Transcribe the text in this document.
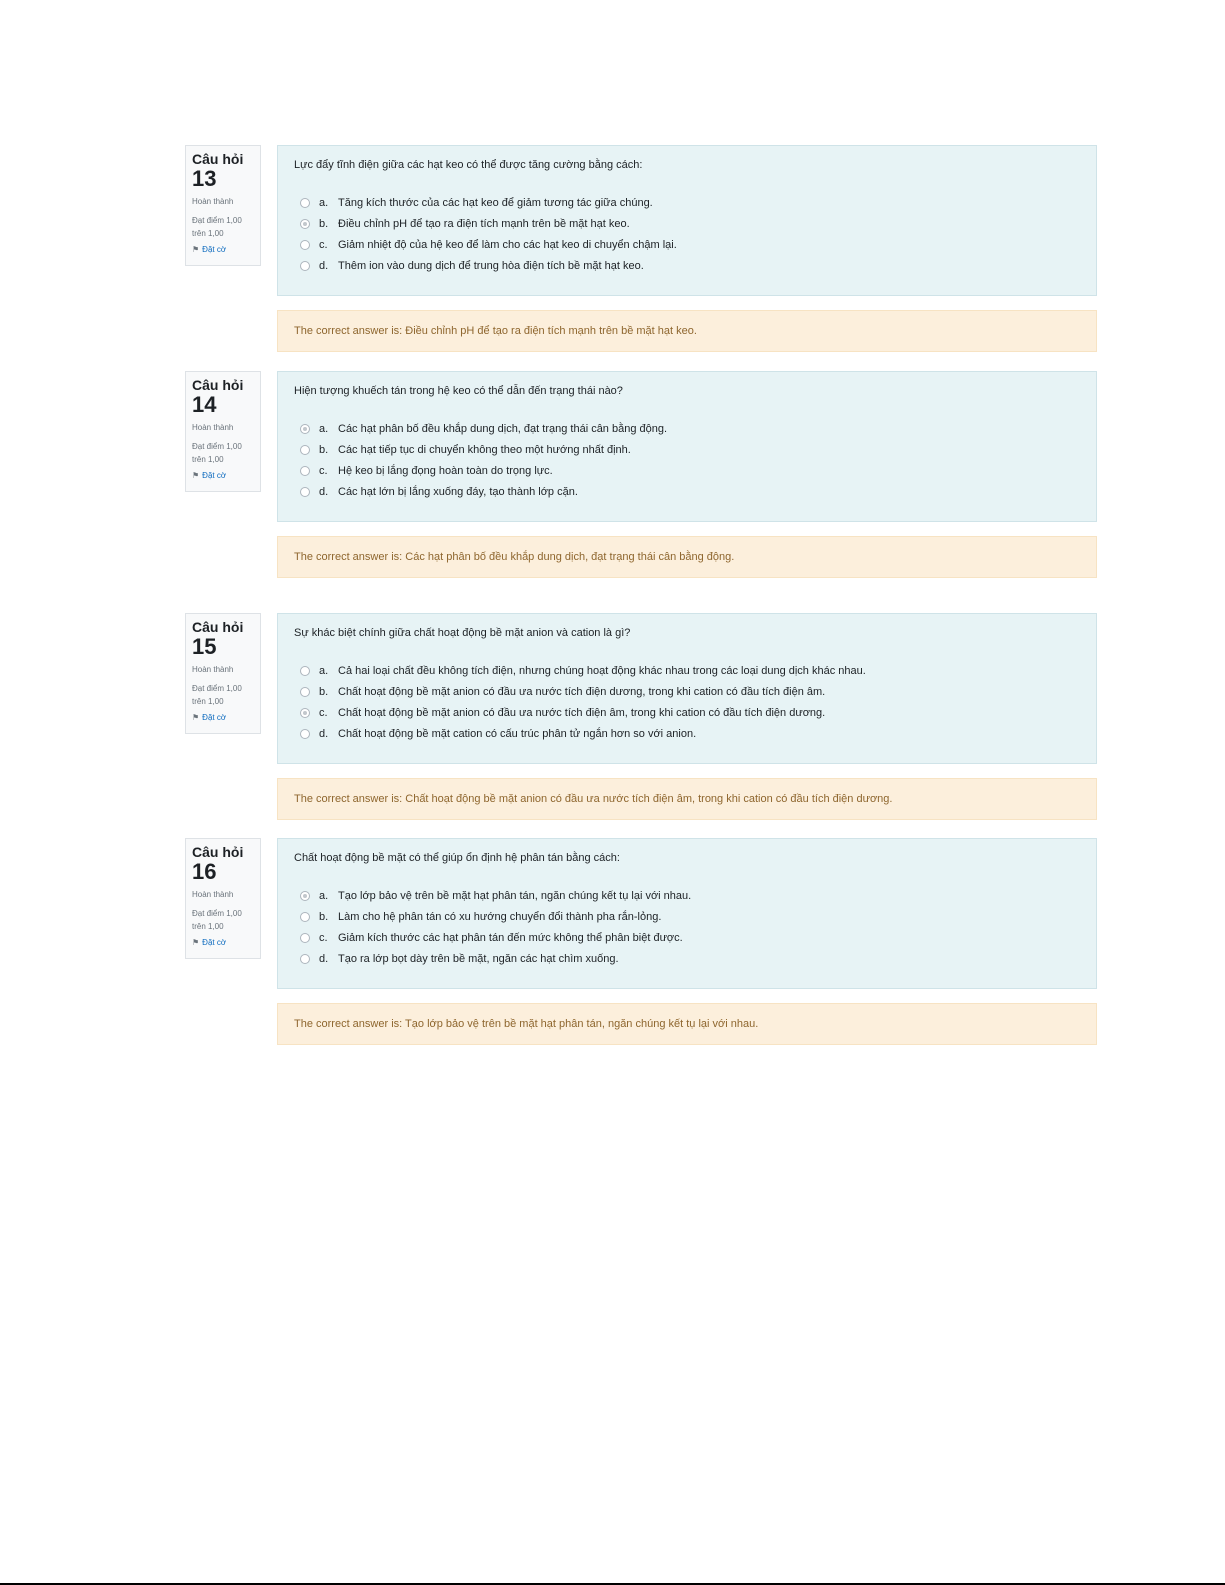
Câu hỏi
13
Hoàn thành
Đạt điểm 1,00 trên 1,00
⚑ Đặt cờ
Lực đẩy tĩnh điện giữa các hạt keo có thể được tăng cường bằng cách:
a. Tăng kích thước của các hạt keo để giảm tương tác giữa chúng.
b. Điều chỉnh pH để tạo ra điện tích mạnh trên bề mặt hạt keo.
c. Giảm nhiệt độ của hệ keo để làm cho các hạt keo di chuyển chậm lại.
d. Thêm ion vào dung dịch để trung hòa điện tích bề mặt hạt keo.
The correct answer is: Điều chỉnh pH để tạo ra điện tích mạnh trên bề mặt hạt keo.
Câu hỏi
14
Hoàn thành
Đạt điểm 1,00 trên 1,00
⚑ Đặt cờ
Hiện tượng khuếch tán trong hệ keo có thể dẫn đến trạng thái nào?
a. Các hạt phân bố đều khắp dung dịch, đạt trạng thái cân bằng động.
b. Các hạt tiếp tục di chuyển không theo một hướng nhất định.
c. Hệ keo bị lắng đọng hoàn toàn do trọng lực.
d. Các hạt lớn bị lắng xuống đáy, tạo thành lớp cặn.
The correct answer is: Các hạt phân bố đều khắp dung dịch, đạt trạng thái cân bằng động.
Câu hỏi
15
Hoàn thành
Đạt điểm 1,00 trên 1,00
⚑ Đặt cờ
Sự khác biệt chính giữa chất hoạt động bề mặt anion và cation là gì?
a. Cả hai loại chất đều không tích điện, nhưng chúng hoạt động khác nhau trong các loại dung dịch khác nhau.
b. Chất hoạt động bề mặt anion có đầu ưa nước tích điện dương, trong khi cation có đầu tích điện âm.
c. Chất hoạt động bề mặt anion có đầu ưa nước tích điện âm, trong khi cation có đầu tích điện dương.
d. Chất hoạt động bề mặt cation có cấu trúc phân tử ngắn hơn so với anion.
The correct answer is: Chất hoạt động bề mặt anion có đầu ưa nước tích điện âm, trong khi cation có đầu tích điện dương.
Câu hỏi
16
Hoàn thành
Đạt điểm 1,00 trên 1,00
⚑ Đặt cờ
Chất hoạt động bề mặt có thể giúp ổn định hệ phân tán bằng cách:
a. Tạo lớp bảo vệ trên bề mặt hạt phân tán, ngăn chúng kết tụ lại với nhau.
b. Làm cho hệ phân tán có xu hướng chuyển đổi thành pha rắn-lỏng.
c. Giảm kích thước các hạt phân tán đến mức không thể phân biệt được.
d. Tạo ra lớp bọt dày trên bề mặt, ngăn các hạt chìm xuống.
The correct answer is: Tạo lớp bảo vệ trên bề mặt hạt phân tán, ngăn chúng kết tụ lại với nhau.
